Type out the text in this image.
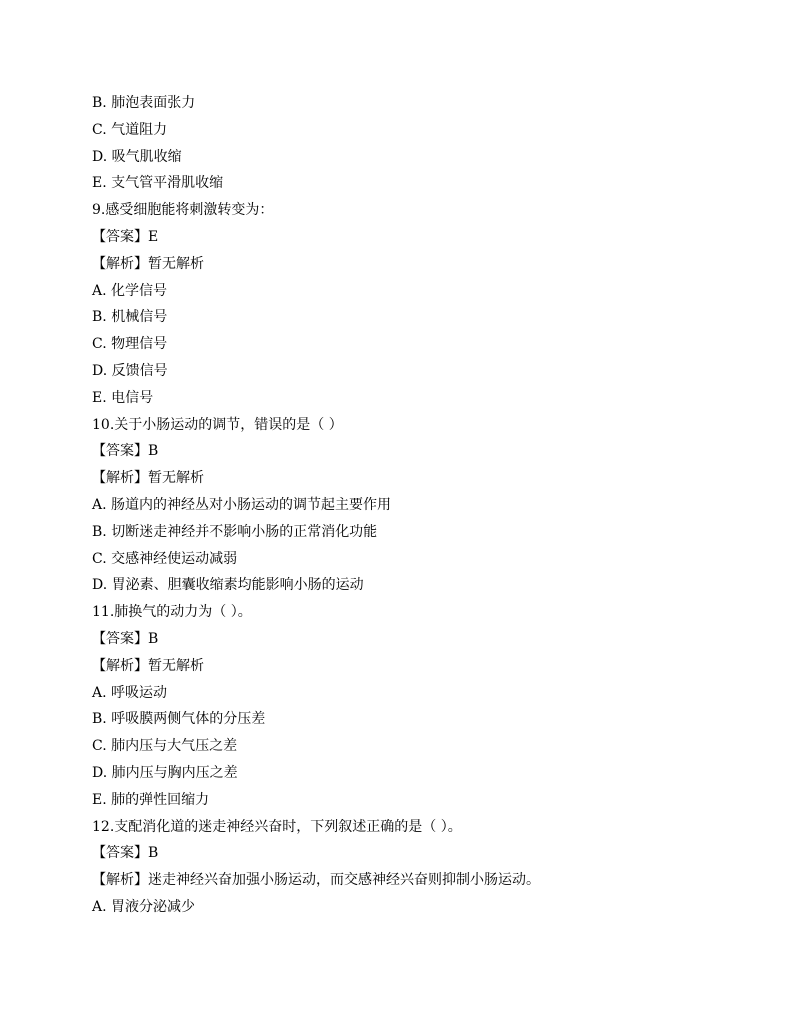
B. 肺泡表面张力
C. 气道阻力
D. 吸气肌收缩
E. 支气管平滑肌收缩
9.感受细胞能将刺激转变为：
【答案】E
【解析】暂无解析
A. 化学信号
B. 机械信号
C. 物理信号
D. 反馈信号
E. 电信号
10.关于小肠运动的调节，错误的是（ ）
【答案】B
【解析】暂无解析
A. 肠道内的神经丛对小肠运动的调节起主要作用
B. 切断迷走神经并不影响小肠的正常消化功能
C. 交感神经使运动减弱
D. 胃泌素、胆囊收缩素均能影响小肠的运动
11.肺换气的动力为（ ）。
【答案】B
【解析】暂无解析
A. 呼吸运动
B. 呼吸膜两侧气体的分压差
C. 肺内压与大气压之差
D. 肺内压与胸内压之差
E. 肺的弹性回缩力
12.支配消化道的迷走神经兴奋时，下列叙述正确的是（ ）。
【答案】B
【解析】迷走神经兴奋加强小肠运动，而交感神经兴奋则抑制小肠运动。
A. 胃液分泌减少
